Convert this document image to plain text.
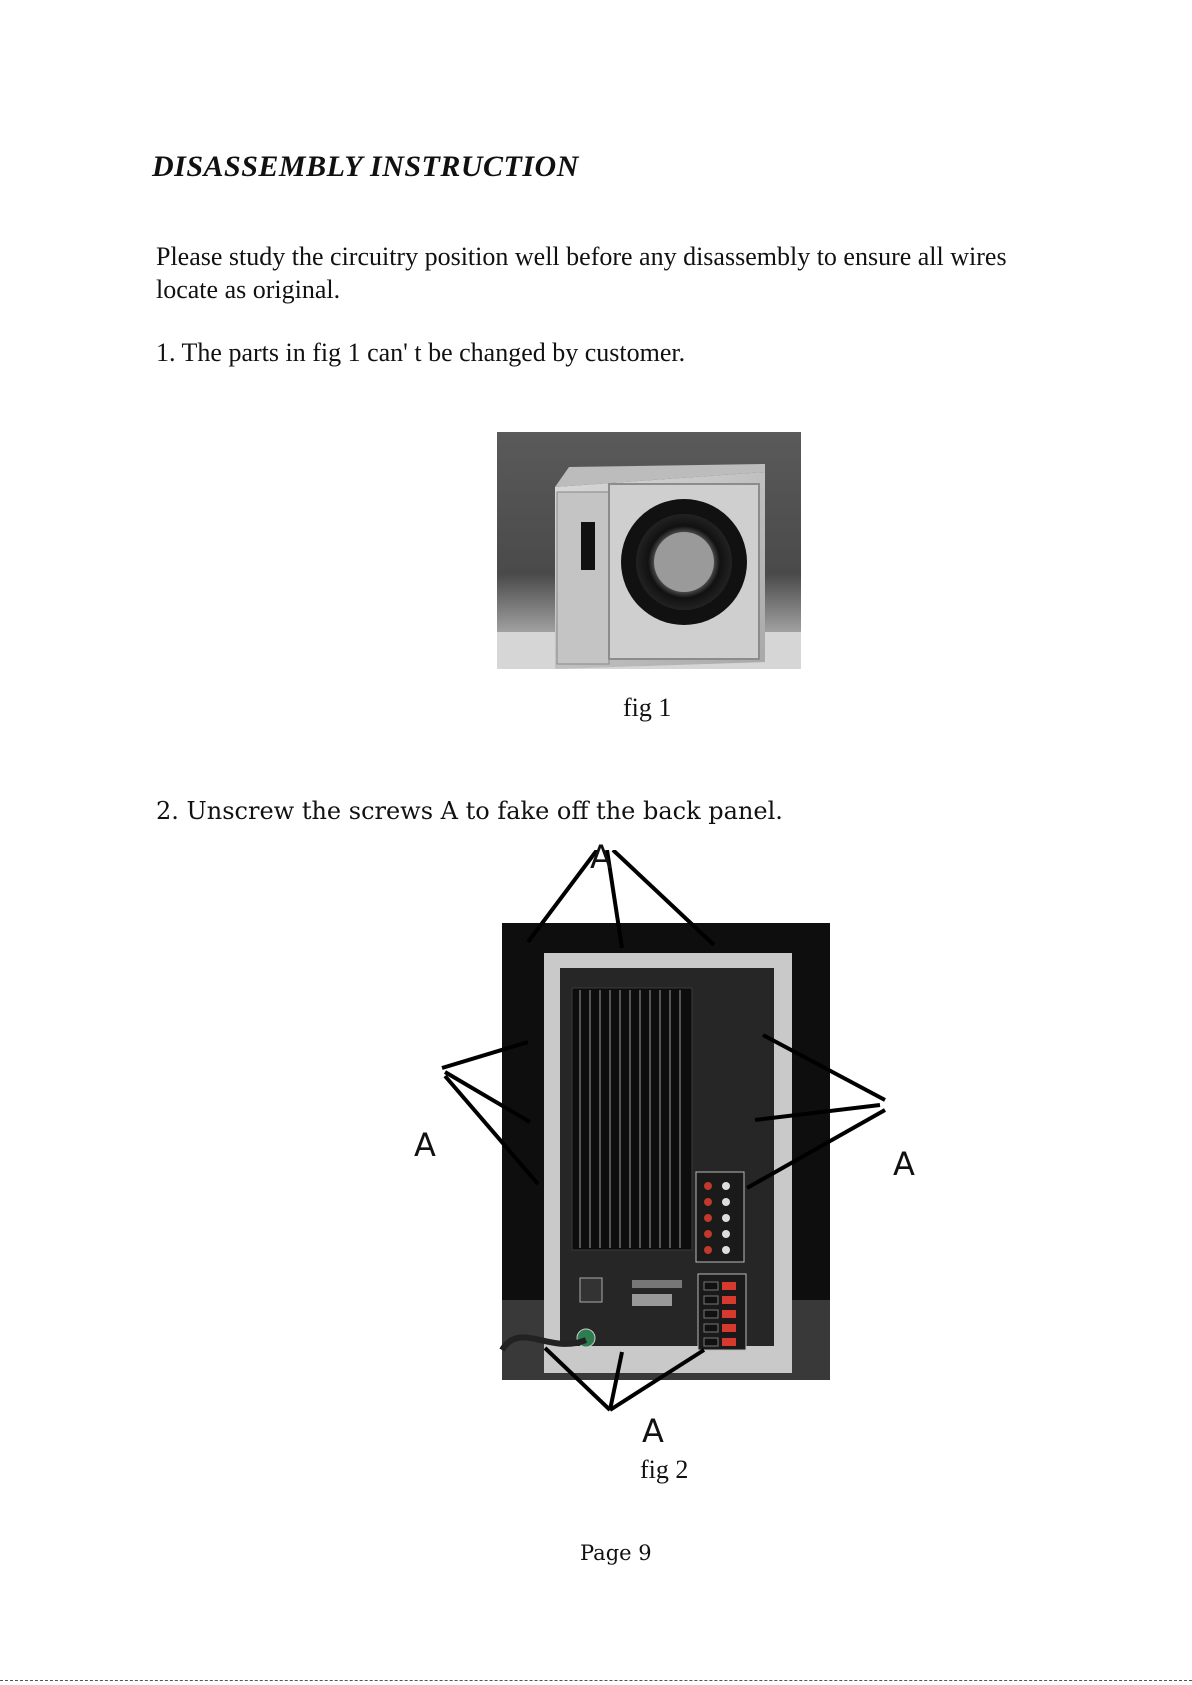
DISASSEMBLY INSTRUCTION
Please study the circuitry position well before any disassembly to ensure all wires locate as original.
1. The parts in fig 1 can' t be changed by customer.
fig 1
2. Unscrew the screws A to fake off the back panel.
A
A	A
A
fig 2
Page 9
